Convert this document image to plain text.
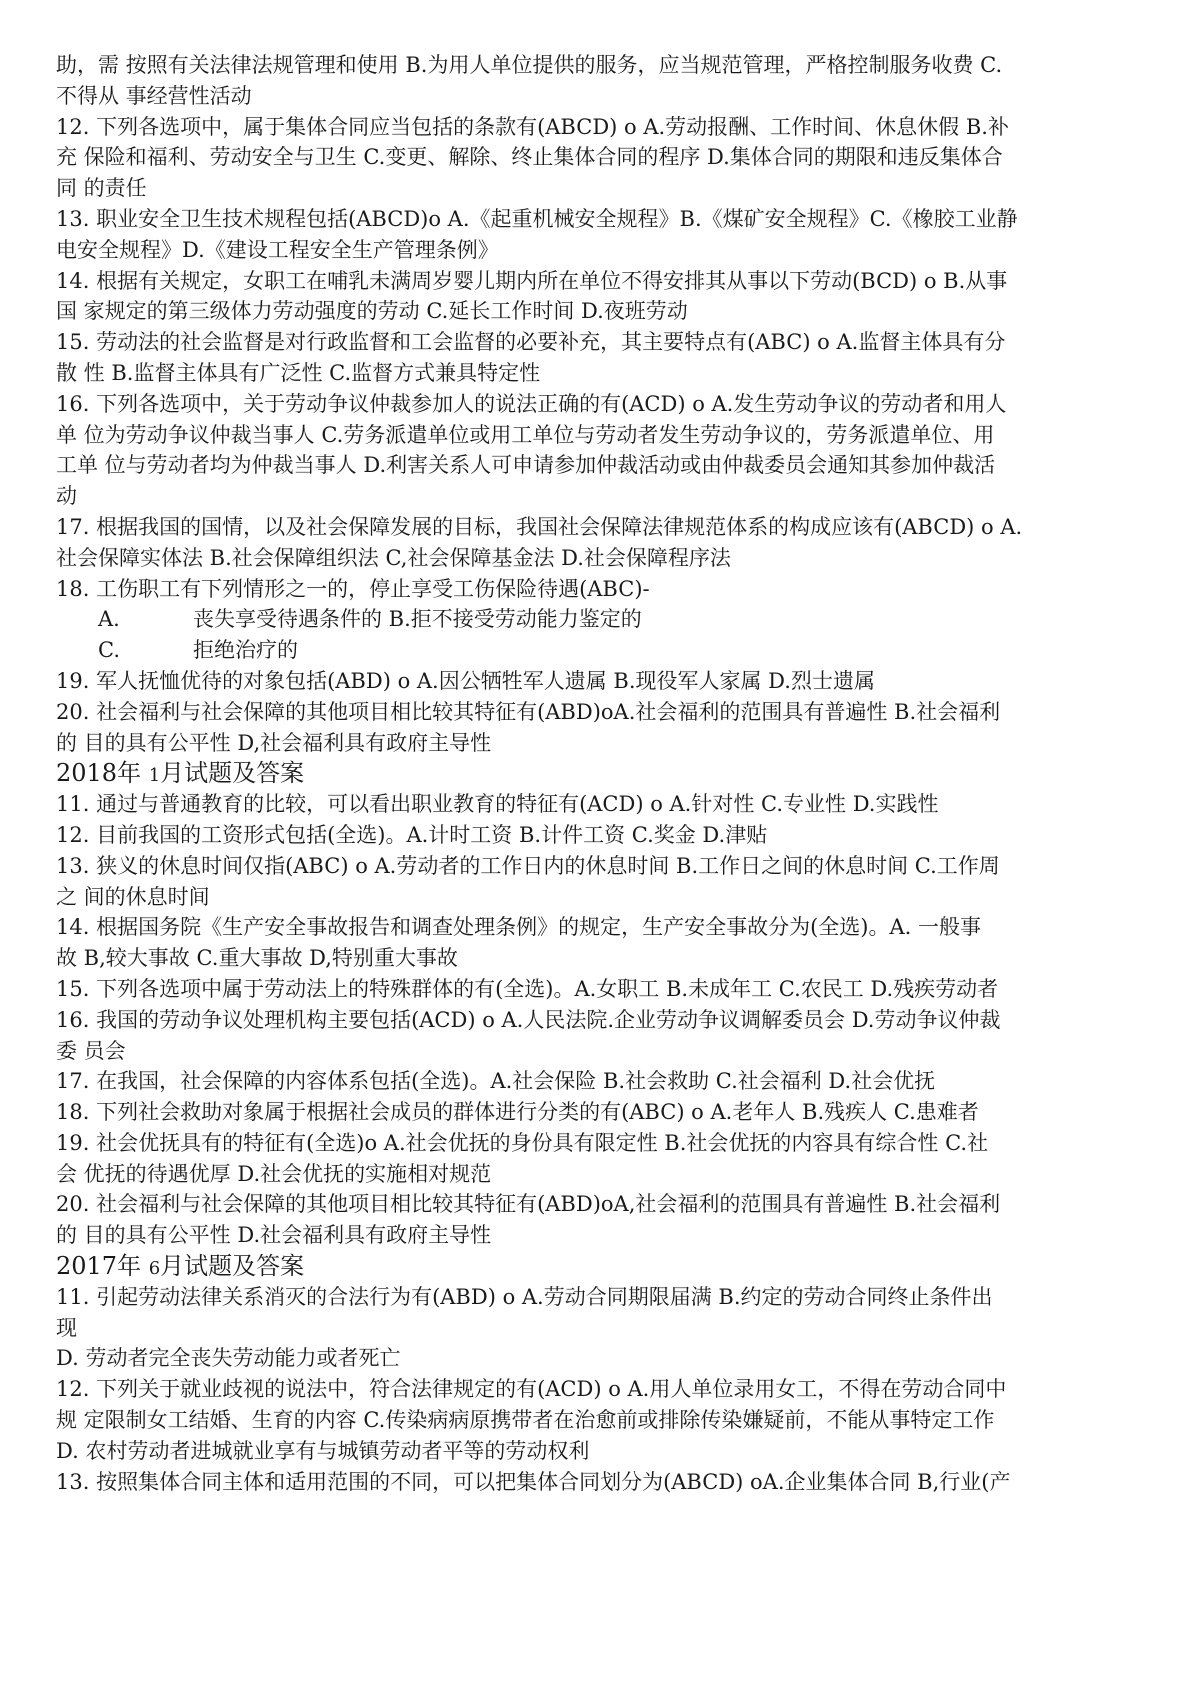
助，需 按照有关法律法规管理和使用 B.为用人单位提供的服务，应当规范管理，严格控制服务收费 C.
不得从 事经营性活动
12. 下列各选项中，属于集体合同应当包括的条款有(ABCD) o A.劳动报酬、工作时间、休息休假 B.补
充 保险和福利、劳动安全与卫生 C.变更、解除、终止集体合同的程序 D.集体合同的期限和违反集体合
同 的责任
13. 职业安全卫生技术规程包括(ABCD)o A.《起重机械安全规程》B.《煤矿安全规程》C.《橡胶工业静
电安全规程》D.《建设工程安全生产管理条例》
14. 根据有关规定，女职工在哺乳未满周岁婴儿期内所在单位不得安排其从事以下劳动(BCD) o B.从事
国 家规定的第三级体力劳动强度的劳动 C.延长工作时间 D.夜班劳动
15. 劳动法的社会监督是对行政监督和工会监督的必要补充，其主要特点有(ABC) o A.监督主体具有分
散 性 B.监督主体具有广泛性 C.监督方式兼具特定性
16. 下列各选项中，关于劳动争议仲裁参加人的说法正确的有(ACD) o A.发生劳动争议的劳动者和用人
单 位为劳动争议仲裁当事人 C.劳务派遣单位或用工单位与劳动者发生劳动争议的，劳务派遣单位、用
工单 位与劳动者均为仲裁当事人 D.利害关系人可申请参加仲裁活动或由仲裁委员会通知其参加仲裁活
动
17. 根据我国的国情，以及社会保障发展的目标，我国社会保障法律规范体系的构成应该有(ABCD) o A.
社会保障实体法 B.社会保障组织法 C,社会保障基金法 D.社会保障程序法
18. 工伤职工有下列情形之一的，停止享受工伤保险待遇(ABC)-
A.	丧失享受待遇条件的 B.拒不接受劳动能力鉴定的
C.	拒绝治疗的
19. 军人抚恤优待的对象包括(ABD) o A.因公牺牲军人遗属 B.现役军人家属 D.烈士遗属
20. 社会福利与社会保障的其他项目相比较其特征有(ABD)oA.社会福利的范围具有普遍性 B.社会福利
的 目的具有公平性 D,社会福利具有政府主导性
2018年 1月试题及答案
11. 通过与普通教育的比较，可以看出职业教育的特征有(ACD) o A.针对性 C.专业性 D.实践性
12. 目前我国的工资形式包括(全选)。A.计时工资 B.计件工资 C.奖金 D.津贴
13. 狭义的休息时间仅指(ABC) o A.劳动者的工作日内的休息时间 B.工作日之间的休息时间 C.工作周
之 间的休息时间
14. 根据国务院《生产安全事故报告和调查处理条例》的规定，生产安全事故分为(全选)。A. 一般事
故 B,较大事故 C.重大事故 D,特别重大事故
15. 下列各选项中属于劳动法上的特殊群体的有(全选)。A.女职工 B.未成年工 C.农民工 D.残疾劳动者
16. 我国的劳动争议处理机构主要包括(ACD) o A.人民法院.企业劳动争议调解委员会 D.劳动争议仲裁
委 员会
17. 在我国，社会保障的内容体系包括(全选)。A.社会保险 B.社会救助 C.社会福利 D.社会优抚
18. 下列社会救助对象属于根据社会成员的群体进行分类的有(ABC) o A.老年人 B.残疾人 C.患难者
19. 社会优抚具有的特征有(全选)o A.社会优抚的身份具有限定性 B.社会优抚的内容具有综合性 C.社
会 优抚的待遇优厚 D.社会优抚的实施相对规范
20. 社会福利与社会保障的其他项目相比较其特征有(ABD)oA,社会福利的范围具有普遍性 B.社会福利
的 目的具有公平性 D.社会福利具有政府主导性
2017年 6月试题及答案
11. 引起劳动法律关系消灭的合法行为有(ABD) o A.劳动合同期限届满 B.约定的劳动合同终止条件出
现
D. 劳动者完全丧失劳动能力或者死亡
12. 下列关于就业歧视的说法中，符合法律规定的有(ACD) o A.用人单位录用女工，不得在劳动合同中
规 定限制女工结婚、生育的内容 C.传染病病原携带者在治愈前或排除传染嫌疑前，不能从事特定工作
D. 农村劳动者进城就业享有与城镇劳动者平等的劳动权利
13. 按照集体合同主体和适用范围的不同，可以把集体合同划分为(ABCD) oA.企业集体合同 B,行业(产
